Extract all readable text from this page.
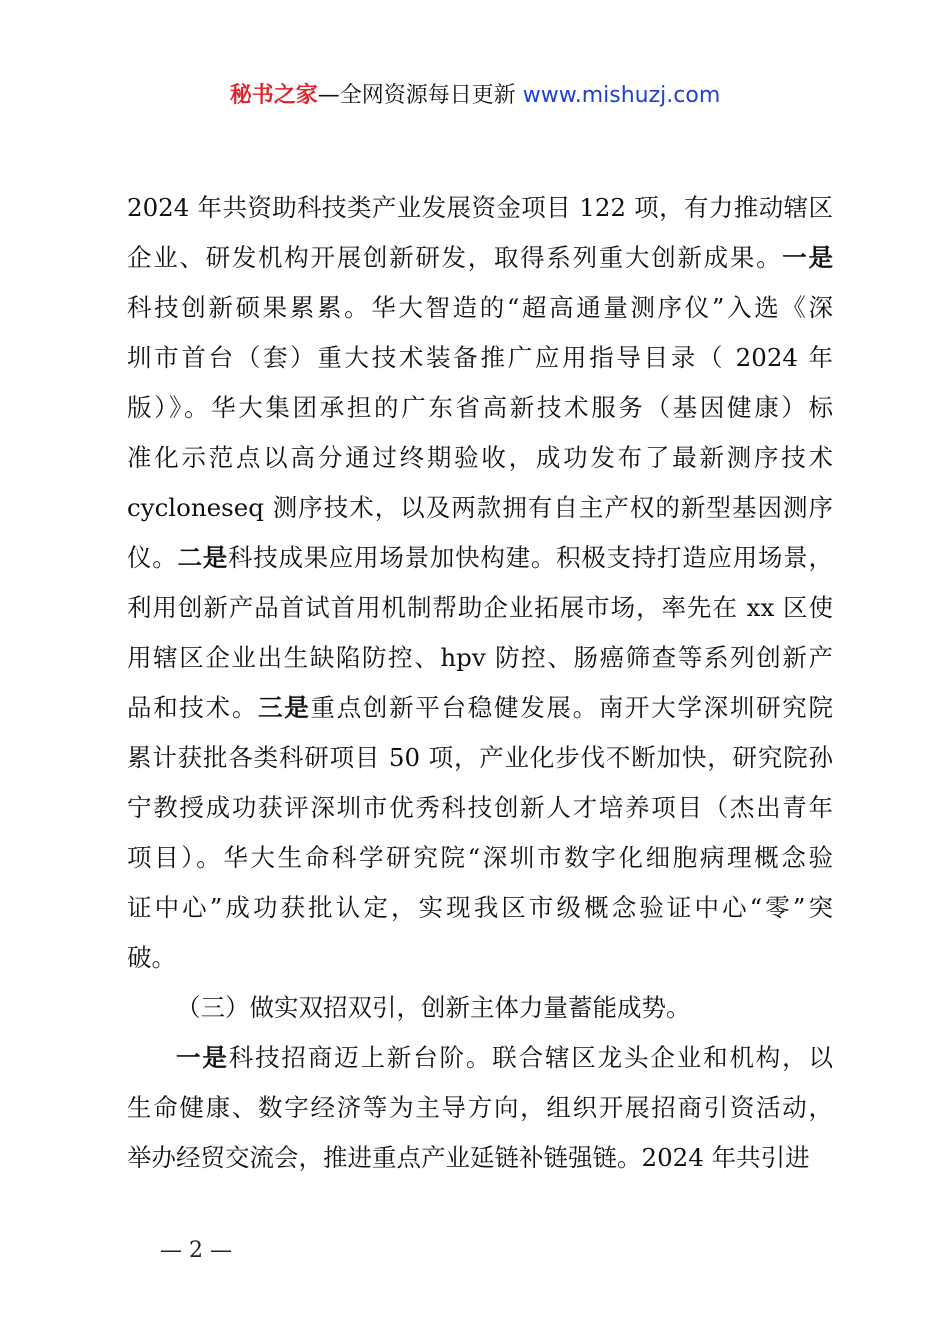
秘书之家—全网资源每日更新 www.mishuzj.com
2024 年共资助科技类产业发展资金项目 122 项，有力推动辖区
企业、研发机构开展创新研发，取得系列重大创新成果。一是
科技创新硕果累累。华大智造的“超高通量测序仪”入选《深
圳市首台（套）重大技术装备推广应用指导目录（ 2024 年
版）》。华大集团承担的广东省高新技术服务（基因健康）标
准化示范点以高分通过终期验收，成功发布了最新测序技术
cycloneseq 测序技术，以及两款拥有自主产权的新型基因测序
仪。二是科技成果应用场景加快构建。积极支持打造应用场景，
利用创新产品首试首用机制帮助企业拓展市场，率先在 xx 区使
用辖区企业出生缺陷防控、hpv 防控、肠癌筛查等系列创新产
品和技术。三是重点创新平台稳健发展。南开大学深圳研究院
累计获批各类科研项目 50 项，产业化步伐不断加快，研究院孙
宁教授成功获评深圳市优秀科技创新人才培养项目（杰出青年
项目）。华大生命科学研究院“深圳市数字化细胞病理概念验
证中心”成功获批认定，实现我区市级概念验证中心“零”突
破。
（三）做实双招双引，创新主体力量蓄能成势。
一是科技招商迈上新台阶。联合辖区龙头企业和机构，以
生命健康、数字经济等为主导方向，组织开展招商引资活动，
举办经贸交流会，推进重点产业延链补链强链。2024 年共引进
— 2 —
